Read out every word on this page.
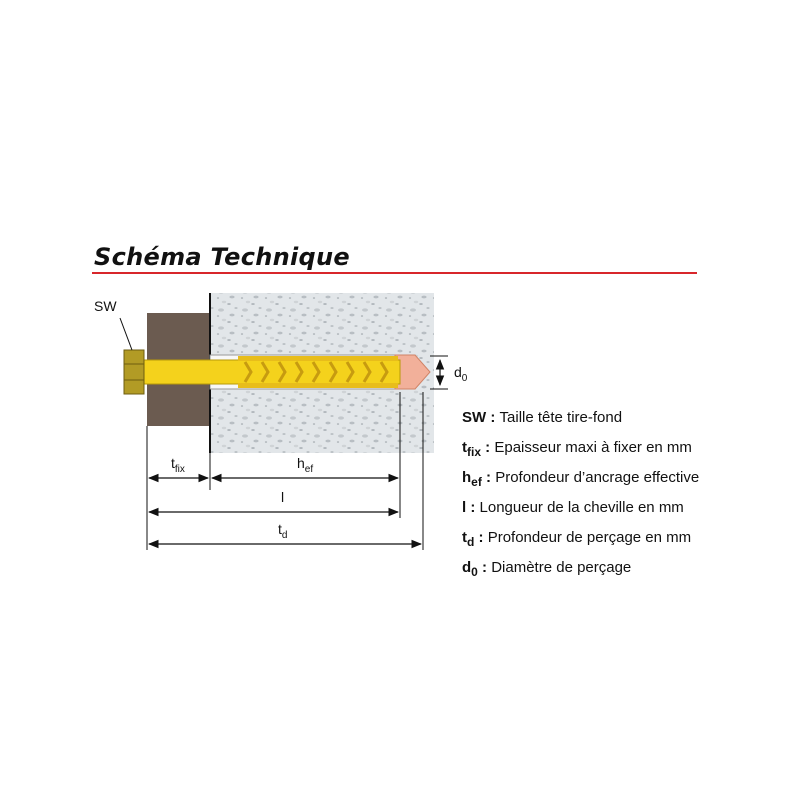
Schéma Technique
SW
$d_0$
$t_{fix}$	$h_{ef}$
l
$t_d$
SW : Taille tête tire-fond
$t_{fix}$ : Epaisseur maxi à fixer en mm
$h_{ef}$ : Profondeur d’ancrage effective
l : Longueur de la cheville en mm
$t_d$ : Profondeur de perçage en mm
$d_0$ : Diamètre de perçage
